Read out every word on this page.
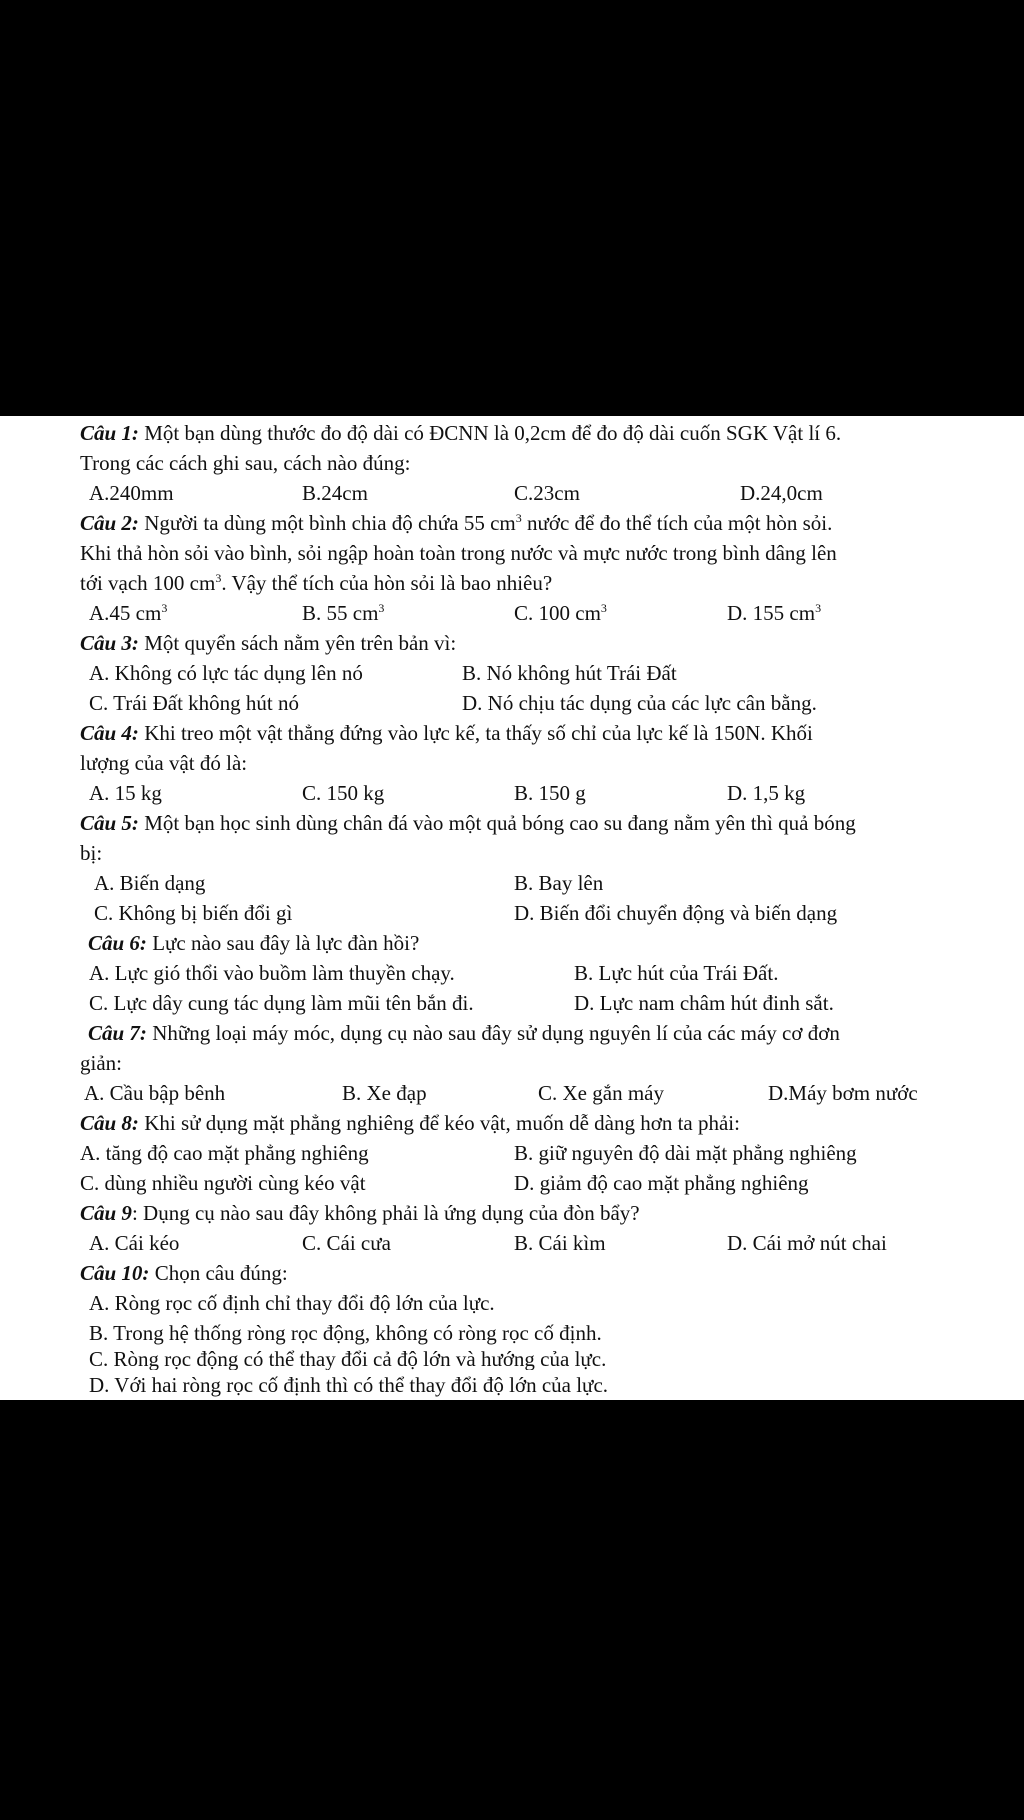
Câu 1: Một bạn dùng thước đo độ dài có ĐCNN là 0,2cm để đo độ dài cuốn SGK Vật lí 6.
Trong các cách ghi sau, cách nào đúng:
A.240mm	B.24cm	C.23cm	D.24,0cm
Câu 2: Người ta dùng một bình chia độ chứa 55 $cm^3$ nước để đo thể tích của một hòn sỏi.
Khi thả hòn sỏi vào bình, sỏi ngập hoàn toàn trong nước và mực nước trong bình dâng lên
tới vạch 100 $cm^3$. Vậy thể tích của hòn sỏi là bao nhiêu?
A.45 $cm^3$	B. 55 $cm^3$	C. 100 $cm^3$	D. 155 $cm^3$
Câu 3: Một quyển sách nằm yên trên bản vì:
A. Không có lực tác dụng lên nó	B. Nó không hút Trái Đất
C. Trái Đất không hút nó	D. Nó chịu tác dụng của các lực cân bằng.
Câu 4: Khi treo một vật thẳng đứng vào lực kế, ta thấy số chỉ của lực kế là 150N. Khối
lượng của vật đó là:
A. 15 kg	C. 150 kg	B. 150 g	D. 1,5 kg
Câu 5: Một bạn học sinh dùng chân đá vào một quả bóng cao su đang nằm yên thì quả bóng
bị:
A. Biến dạng	B. Bay lên
C. Không bị biến đổi gì	D. Biến đổi chuyển động và biến dạng
Câu 6: Lực nào sau đây là lực đàn hồi?
A. Lực gió thổi vào buồm làm thuyền chạy.	B. Lực hút của Trái Đất.
C. Lực dây cung tác dụng làm mũi tên bắn đi.	D. Lực nam châm hút đinh sắt.
Câu 7: Những loại máy móc, dụng cụ nào sau đây sử dụng nguyên lí của các máy cơ đơn
giản:
A. Cầu bập bênh	B. Xe đạp	C. Xe gắn máy	D.Máy bơm nước
Câu 8: Khi sử dụng mặt phẳng nghiêng để kéo vật, muốn dễ dàng hơn ta phải:
A. tăng độ cao mặt phẳng nghiêng	B. giữ nguyên độ dài mặt phẳng nghiêng
C. dùng nhiều người cùng kéo vật	D. giảm độ cao mặt phẳng nghiêng
Câu 9: Dụng cụ nào sau đây không phải là ứng dụng của đòn bẩy?
A. Cái kéo	C. Cái cưa	B. Cái kìm	D. Cái mở nút chai
Câu 10: Chọn câu đúng:
A. Ròng rọc cố định chỉ thay đổi độ lớn của lực.
B. Trong hệ thống ròng rọc động, không có ròng rọc cố định.
C. Ròng rọc động có thể thay đổi cả độ lớn và hướng của lực.
D. Với hai ròng rọc cố định thì có thể thay đổi độ lớn của lực.
